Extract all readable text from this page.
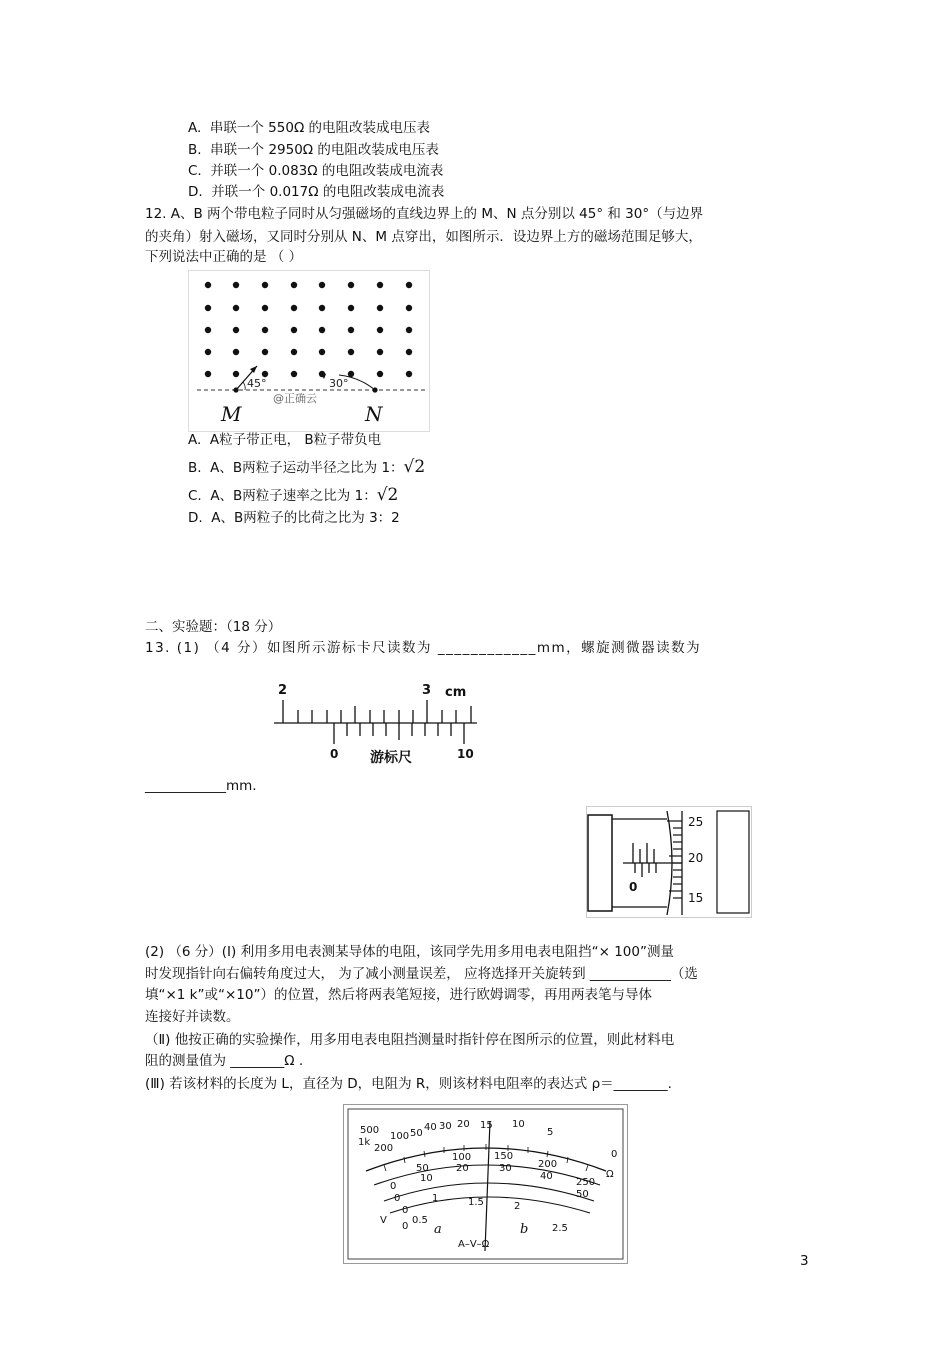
A. 串联一个 550Ω 的电阻改装成电压表
B. 串联一个 2950Ω 的电阻改装成电压表
C. 并联一个 0.083Ω 的电阻改装成电流表
D. 并联一个 0.017Ω 的电阻改装成电流表
12. A、B 两个带电粒子同时从匀强磁场的直线边界上的 M、N 点分别以 45° 和 30°（与边界
的夹角）射入磁场，又同时分别从 N、M 点穿出，如图所示．设边界上方的磁场范围足够大，
下列说法中正确的是 （ ）
45°	30°
@正确云
M	N
A. A粒子带正电， B粒子带负电
B. A、B两粒子运动半径之比为 1：√2
C. A、B两粒子速率之比为 1：√2
D. A、B两粒子的比荷之比为 3：2
二、实验题：（18 分）
13. (1) （4 分）如图所示游标卡尺读数为 ____________mm，螺旋测微器读数为
2	3 cm
0 游标尺	10
____________mm.
0
25
20
15
(2) （6 分）(Ⅰ) 利用多用电表测某导体的电阻，该同学先用多用电表电阻挡“× 100”测量
时发现指针向右偏转角度过大， 为了减小测量误差， 应将选择开关旋转到 ____________（选
填“×1 k”或“×10”）的位置，然后将两表笔短接，进行欧姆调零，再用两表笔与导体
连接好并读数。
（Ⅱ) 他按正确的实验操作，用多用电表电阻挡测量时指针停在图所示的位置，则此材料电
阻的测量值为 ________Ω .
(Ⅲ) 若该材料的长度为 L，直径为 D，电阻为 R，则该材料电阻率的表达式 ρ＝________.
500
1k
200
100 50
40 30 20 15 10
5
0
Ω
0
50
100 150
200
250
0
10
20	30
40
50
0
1	1.5	2
2.5
V
0
0.5
a	b
A–V–Ω
3
